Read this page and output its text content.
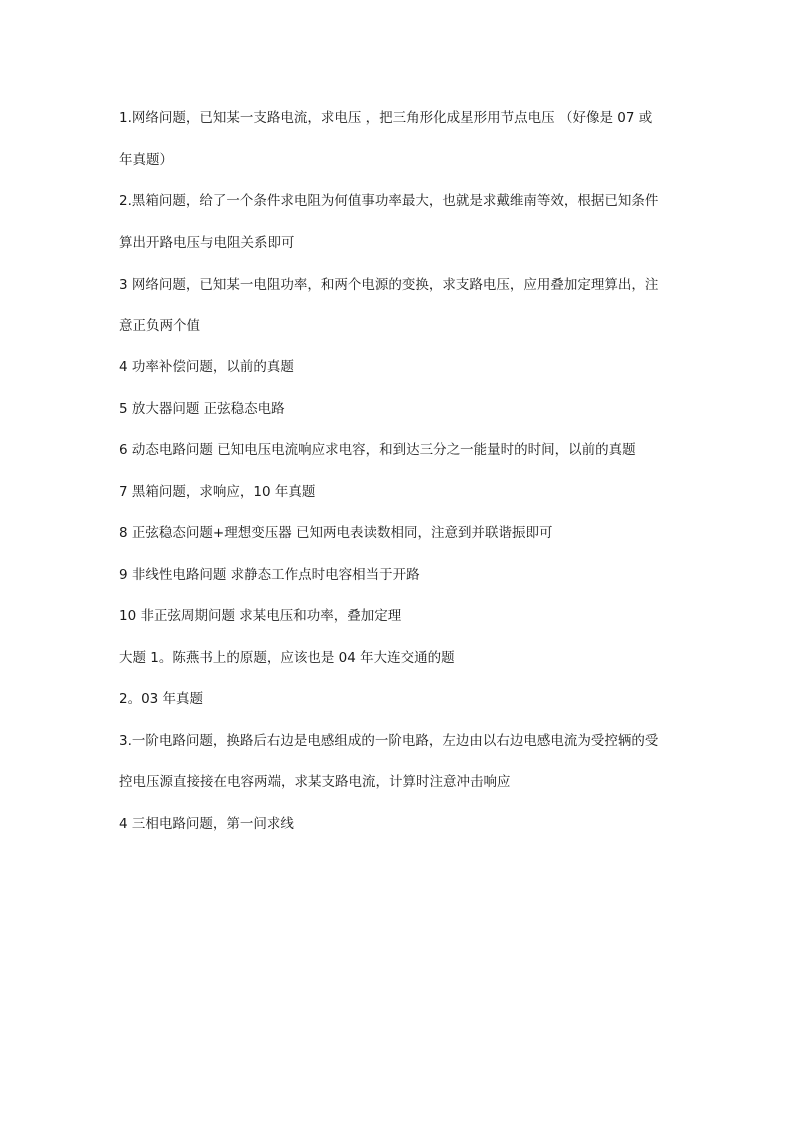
1.网络问题，已知某一支路电流，求电压 ，把三角形化成星形用节点电压 （好像是 07 或
年真题）
2.黑箱问题，给了一个条件求电阻为何值事功率最大，也就是求戴维南等效，根据已知条件
算出开路电压与电阻关系即可
3 网络问题，已知某一电阻功率，和两个电源的变换，求支路电压，应用叠加定理算出，注
意正负两个值
4 功率补偿问题，以前的真题
5 放大器问题 正弦稳态电路
6 动态电路问题 已知电压电流响应求电容，和到达三分之一能量时的时间，以前的真题
7 黑箱问题，求响应，10 年真题
8 正弦稳态问题+理想变压器 已知两电表读数相同，注意到并联谐振即可
9 非线性电路问题 求静态工作点时电容相当于开路
10 非正弦周期问题 求某电压和功率，叠加定理
大题 1。陈燕书上的原题，应该也是 04 年大连交通的题
2。03 年真题
3.一阶电路问题，换路后右边是电感组成的一阶电路，左边由以右边电感电流为受控辆的受
控电压源直接接在电容两端，求某支路电流，计算时注意冲击响应
4 三相电路问题，第一问求线
